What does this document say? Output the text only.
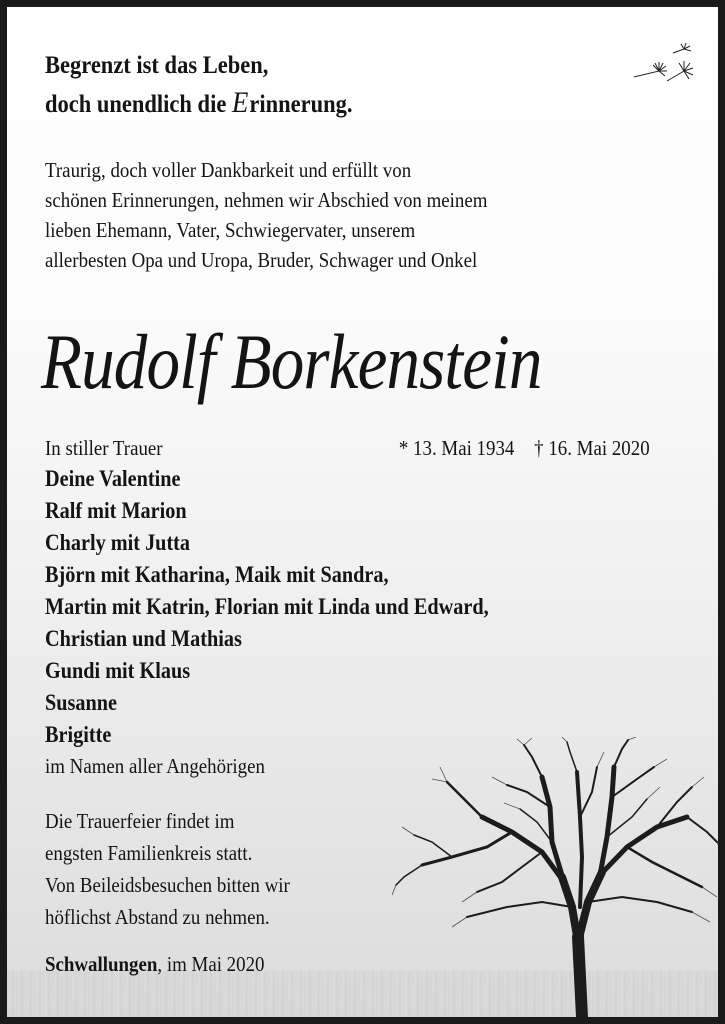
Begrenzt ist das Leben,
doch unendlich die Erinnerung.
Traurig, doch voller Dankbarkeit und erfüllt von
schönen Erinnerungen, nehmen wir Abschied von meinem
lieben Ehemann, Vater, Schwiegervater, unserem
allerbesten Opa und Uropa, Bruder, Schwager und Onkel
Rudolf Borkenstein
In stiller Trauer	* 13. Mai 1934 † 16. Mai 2020
Deine Valentine
Ralf mit Marion
Charly mit Jutta
Björn mit Katharina, Maik mit Sandra,
Martin mit Katrin, Florian mit Linda und Edward,
Christian und Mathias
Gundi mit Klaus
Susanne
Brigitte
im Namen aller Angehörigen
Die Trauerfeier findet im
engsten Familienkreis statt.
Von Beileidsbesuchen bitten wir
höflichst Abstand zu nehmen.
Schwallungen, im Mai 2020
